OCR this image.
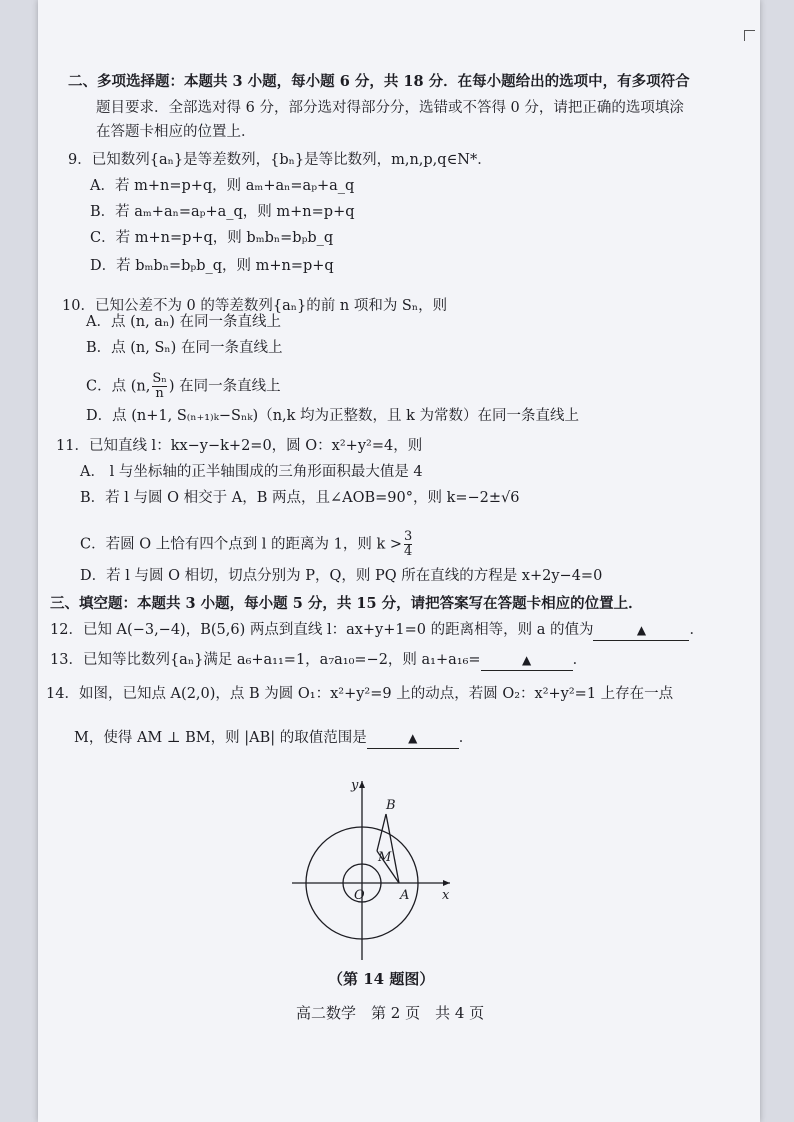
二、多项选择题：本题共 3 小题，每小题 6 分，共 18 分．在每小题给出的选项中，有多项符合
题目要求．全部选对得 6 分，部分选对得部分分，选错或不答得 0 分，请把正确的选项填涂
在答题卡相应的位置上．
9．已知数列{aₙ}是等差数列，{bₙ}是等比数列，m,n,p,q∈N*．
A．若 m+n=p+q，则 aₘ+aₙ=aₚ+a_q
B．若 aₘ+aₙ=aₚ+a_q，则 m+n=p+q
C．若 m+n=p+q，则 bₘbₙ=bₚb_q
D．若 bₘbₙ=bₚb_q，则 m+n=p+q
10．已知公差不为 0 的等差数列{aₙ}的前 n 项和为 Sₙ，则
A．点 (n, aₙ) 在同一条直线上
B．点 (n, Sₙ) 在同一条直线上
C．点 (n, $\frac{\text{Sₙ}}{n}$ ) 在同一条直线上
D．点 (n+1, S₍ₙ₊₁₎ₖ−Sₙₖ)（n,k 均为正整数，且 k 为常数）在同一条直线上
11．已知直线 l：kx−y−k+2=0，圆 O：x²+y²=4，则
A． l 与坐标轴的正半轴围成的三角形面积最大值是 4
B．若 l 与圆 O 相交于 A，B 两点，且∠AOB=90°，则 k=−2±√6
C．若圆 O 上恰有四个点到 l 的距离为 1，则 $k > \frac{3}{4}$
D．若 l 与圆 O 相切，切点分别为 P，Q，则 PQ 所在直线的方程是 x+2y−4=0
三、填空题：本题共 3 小题，每小题 5 分，共 15 分，请把答案写在答题卡相应的位置上．
12．已知 A(−3,−4)，B(5,6) 两点到直线 l：ax+y+1=0 的距离相等，则 a 的值为	▲	．
13．已知等比数列{aₙ}满足 a₆+a₁₁=1，a₇a₁₀=−2，则 a₁+a₁₆=	▲	．
14．如图，已知点 A(2,0)，点 B 为圆 O₁：x²+y²=9 上的动点，若圆 O₂：x²+y²=1 上存在一点
M，使得 AM ⊥ BM，则 |AB| 的取值范围是	▲	．
x
y
O	A
B
M
（第 14 题图）
高二数学　第 2 页　共 4 页
